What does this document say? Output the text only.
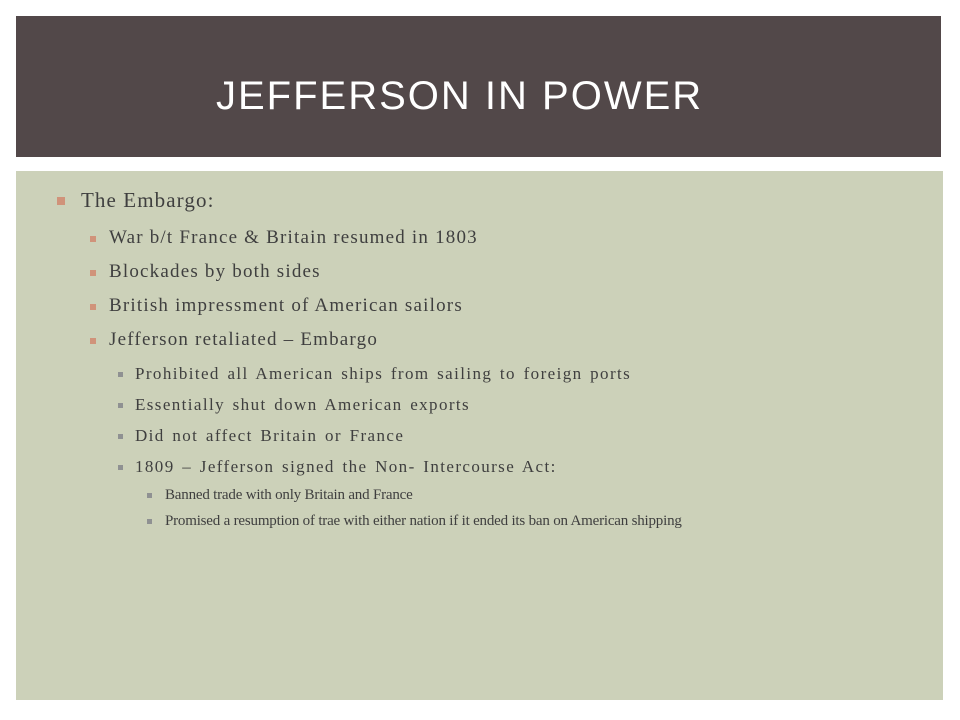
JEFFERSON IN POWER
The Embargo:
War b/t France & Britain resumed in 1803
Blockades by both sides
British impressment of American sailors
Jefferson retaliated – Embargo
Prohibited all American ships from sailing to foreign ports
Essentially shut down American exports
Did not affect Britain or France
1809 – Jefferson signed the Non- Intercourse Act:
Banned trade with only Britain and France
Promised a resumption of trae with either nation if it ended its ban on American shipping
